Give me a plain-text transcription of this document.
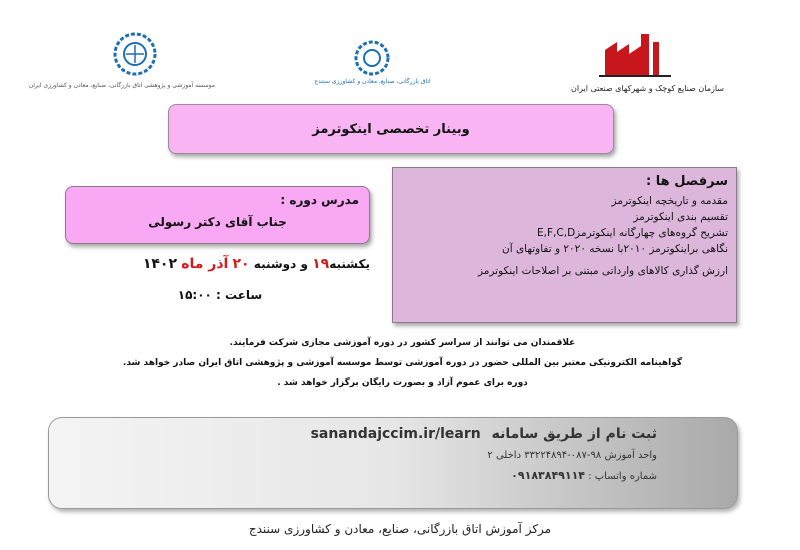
موسسه آموزشی و پژوهشی اتاق بازرگانی، صنایع، معادن و کشاورزی ایران
اتاق بازرگانی، صنایع، معادن و کشاورزی سنندج
سازمان صنایع کوچک و شهرکهای صنعتی ایران
وبینار تخصصی اینکوترمز
سرفصل ها :
مقدمه و تاریخچه اینکوترمز
تقسیم بندی اینکوترمز
تشریح گروه‌های چهارگانه اینکوترمزE,F,C,D
نگاهی براینکوترمز ۲۰۱۰با نسخه ۲۰۲۰ و تفاوتهای آن
ارزش گذاری کالاهای وارداتی مبتنی بر اصلاحات اینکوترمز
مدرس دوره :
جناب آقای دکتر رسولی
یکشنبه۱۹ و دوشنبه ۲۰ آذر ماه ۱۴۰۲
ساعت : ۱۵:۰۰
علاقمندان می توانند از سراسر کشور در دوره آموزشی مجازی شرکت فرمایند.
گواهینامه الکترونیکی معتبر بین المللی حضور در دوره آموزشی توسط موسسه آموزشی و پژوهشی اتاق ایران صادر خواهد شد.
دوره برای عموم آزاد و بصورت رایگان برگزار خواهد شد .
ثبت نام از طریق سامانه sanandajccim.ir/learn
واحد آموزش ۹۸-۰۸۷-۳۳۲۲۴۸۹۴ داخلی ۲
شماره واتساپ : ۰۹۱۸۳۸۴۹۱۱۴
مرکز آموزش اتاق بازرگانی، صنایع، معادن و کشاورزی سنندج
